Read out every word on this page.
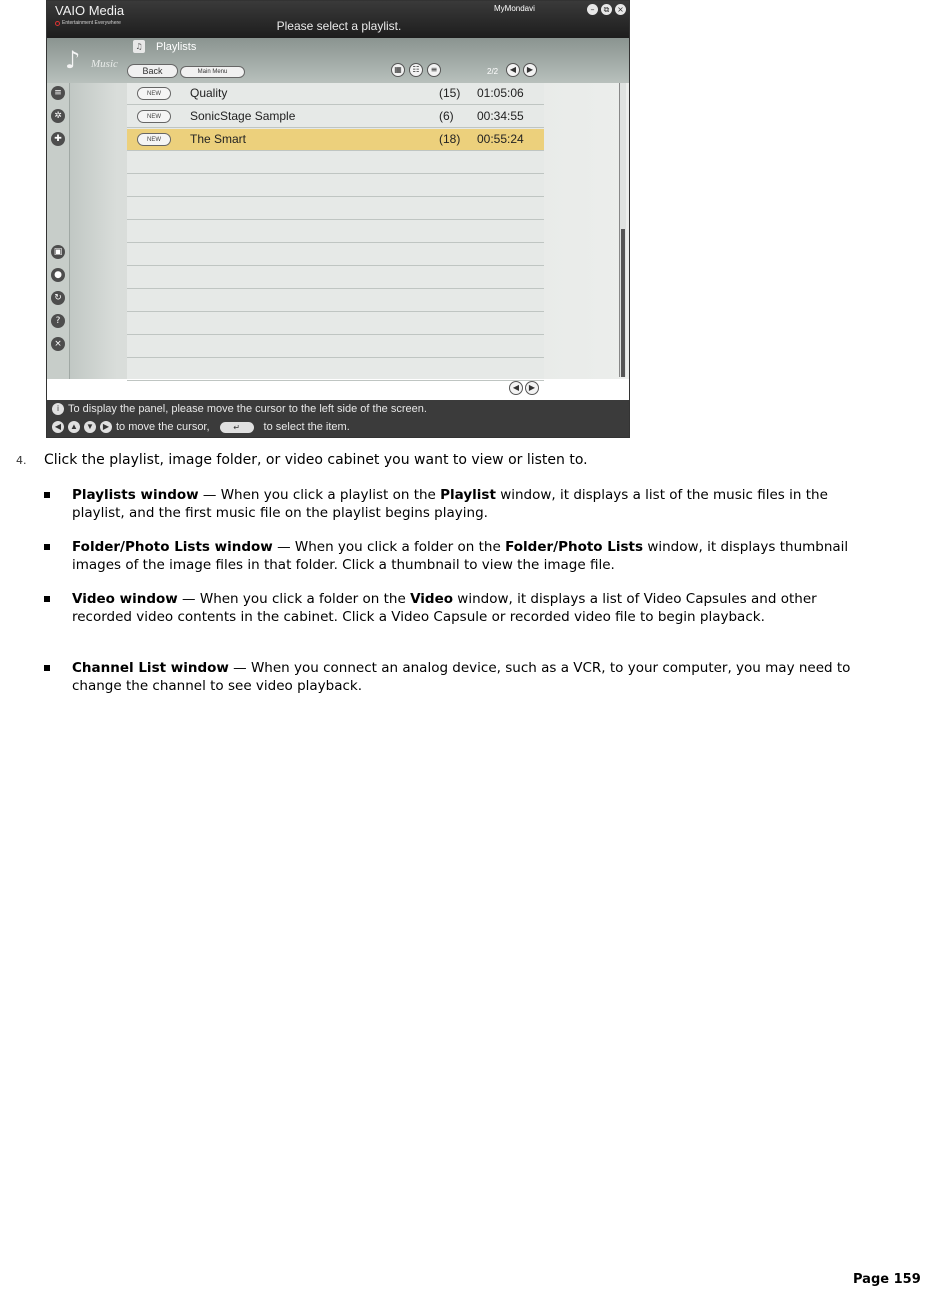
VAIO Media
Entertainment Everywhere	Please select a playlist.
MyMondavi	–	⧉ ×
♪ Music
♫ Playlists
Back	Main Menu	▦	☷	≡	2/2	◀	▶
≡
✲
✚
▣
●
↻
?
×
NEW	Quality	(15) 01:05:06
NEW	SonicStage Sample	(6) 00:34:55
NEW	The Smart	(18) 00:55:24
◀	▶
i To display the panel, please move the cursor to the left side of the screen.
◀	▲ ▼	▶ to move the cursor,	↵	to select the item.
4. Click the playlist, image folder, or video cabinet you want to view or listen to.
Playlists window — When you click a playlist on the Playlist window, it displays a list of the music files in the playlist, and the first music file on the playlist begins playing.
Folder/Photo Lists window — When you click a folder on the Folder/Photo Lists window, it displays thumbnail images of the image files in that folder. Click a thumbnail to view the image file.
Video window — When you click a folder on the Video window, it displays a list of Video Capsules and other recorded video contents in the cabinet. Click a Video Capsule or recorded video file to begin playback.
Channel List window — When you connect an analog device, such as a VCR, to your computer, you may need to change the channel to see video playback.
Page 159
